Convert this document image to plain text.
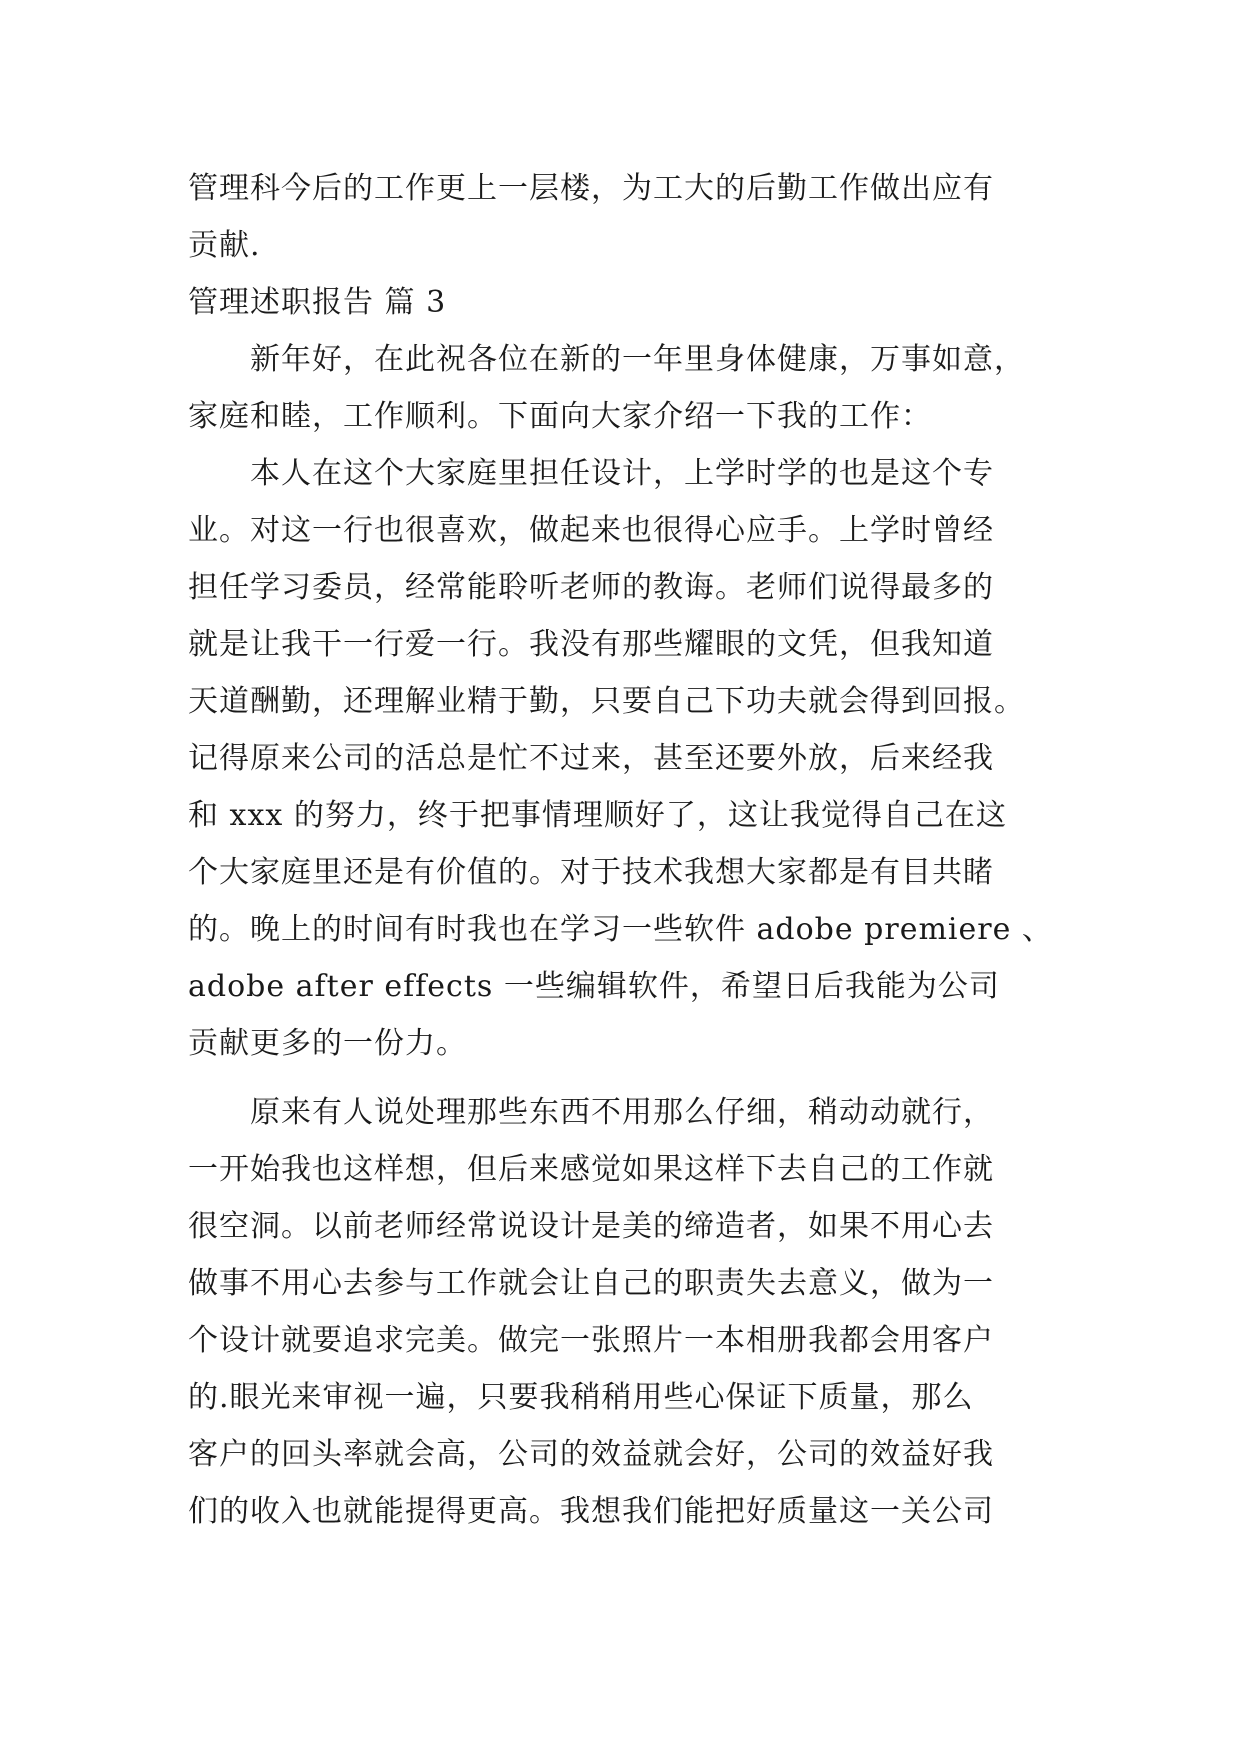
管理科今后的工作更上一层楼，为工大的后勤工作做出应有
贡献.
管理述职报告 篇 3
　　新年好，在此祝各位在新的一年里身体健康，万事如意，
家庭和睦，工作顺利。下面向大家介绍一下我的工作：
　　本人在这个大家庭里担任设计，上学时学的也是这个专
业。对这一行也很喜欢，做起来也很得心应手。上学时曾经
担任学习委员，经常能聆听老师的教诲。老师们说得最多的
就是让我干一行爱一行。我没有那些耀眼的文凭，但我知道
天道酬勤，还理解业精于勤，只要自己下功夫就会得到回报。
记得原来公司的活总是忙不过来，甚至还要外放，后来经我
和 xxx 的努力，终于把事情理顺好了，这让我觉得自己在这
个大家庭里还是有价值的。对于技术我想大家都是有目共睹
的。晚上的时间有时我也在学习一些软件 adobe premiere 、
adobe after effects 一些编辑软件，希望日后我能为公司
贡献更多的一份力。
　　原来有人说处理那些东西不用那么仔细，稍动动就行，
一开始我也这样想，但后来感觉如果这样下去自己的工作就
很空洞。以前老师经常说设计是美的缔造者，如果不用心去
做事不用心去参与工作就会让自己的职责失去意义，做为一
个设计就要追求完美。做完一张照片一本相册我都会用客户
的.眼光来审视一遍，只要我稍稍用些心保证下质量，那么
客户的回头率就会高，公司的效益就会好，公司的效益好我
们的收入也就能提得更高。我想我们能把好质量这一关公司
